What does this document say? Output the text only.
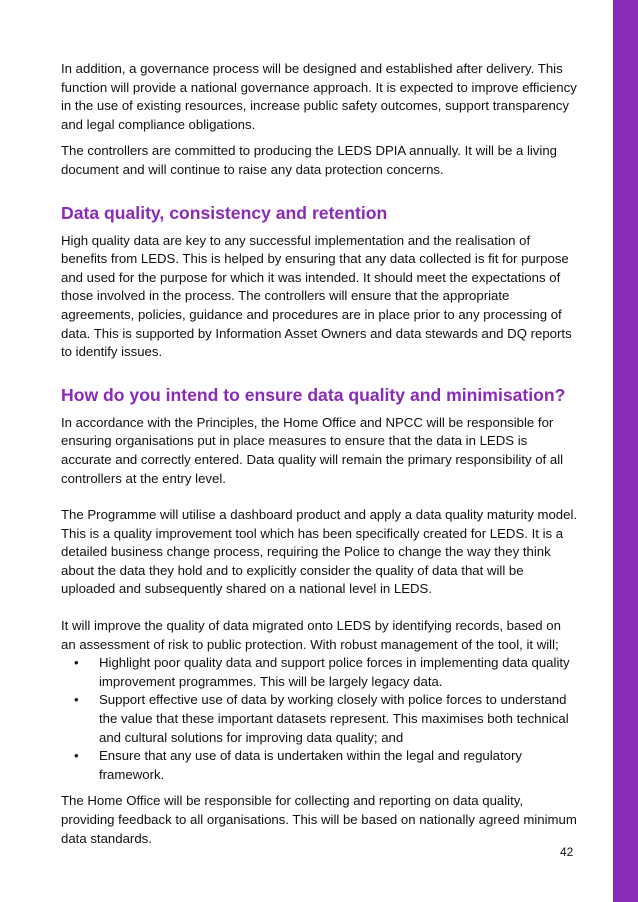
In addition, a governance process will be designed and established after delivery. This function will provide a national governance approach. It is expected to improve efficiency in the use of existing resources, increase public safety outcomes, support transparency and legal compliance obligations.

The controllers are committed to producing the LEDS DPIA annually. It will be a living document and will continue to raise any data protection concerns.

Data quality, consistency and retention

High quality data are key to any successful implementation and the realisation of benefits from LEDS. This is helped by ensuring that any data collected is fit for purpose and used for the purpose for which it was intended. It should meet the expectations of those involved in the process. The controllers will ensure that the appropriate agreements, policies, guidance and procedures are in place prior to any processing of data. This is supported by Information Asset Owners and data stewards and DQ reports to identify issues.

How do you intend to ensure data quality and minimisation?

In accordance with the Principles, the Home Office and NPCC will be responsible for ensuring organisations put in place measures to ensure that the data in LEDS is accurate and correctly entered. Data quality will remain the primary responsibility of all controllers at the entry level.

The Programme will utilise a dashboard product and apply a data quality maturity model. This is a quality improvement tool which has been specifically created for LEDS. It is a detailed business change process, requiring the Police to change the way they think about the data they hold and to explicitly consider the quality of data that will be uploaded and subsequently shared on a national level in LEDS.

It will improve the quality of data migrated onto LEDS by identifying records, based on an assessment of risk to public protection. With robust management of the tool, it will;

• Highlight poor quality data and support police forces in implementing data quality improvement programmes. This will be largely legacy data.
• Support effective use of data by working closely with police forces to understand the value that these important datasets represent. This maximises both technical and cultural solutions for improving data quality; and
• Ensure that any use of data is undertaken within the legal and regulatory framework.

The Home Office will be responsible for collecting and reporting on data quality, providing feedback to all organisations. This will be based on nationally agreed minimum data standards.

42
